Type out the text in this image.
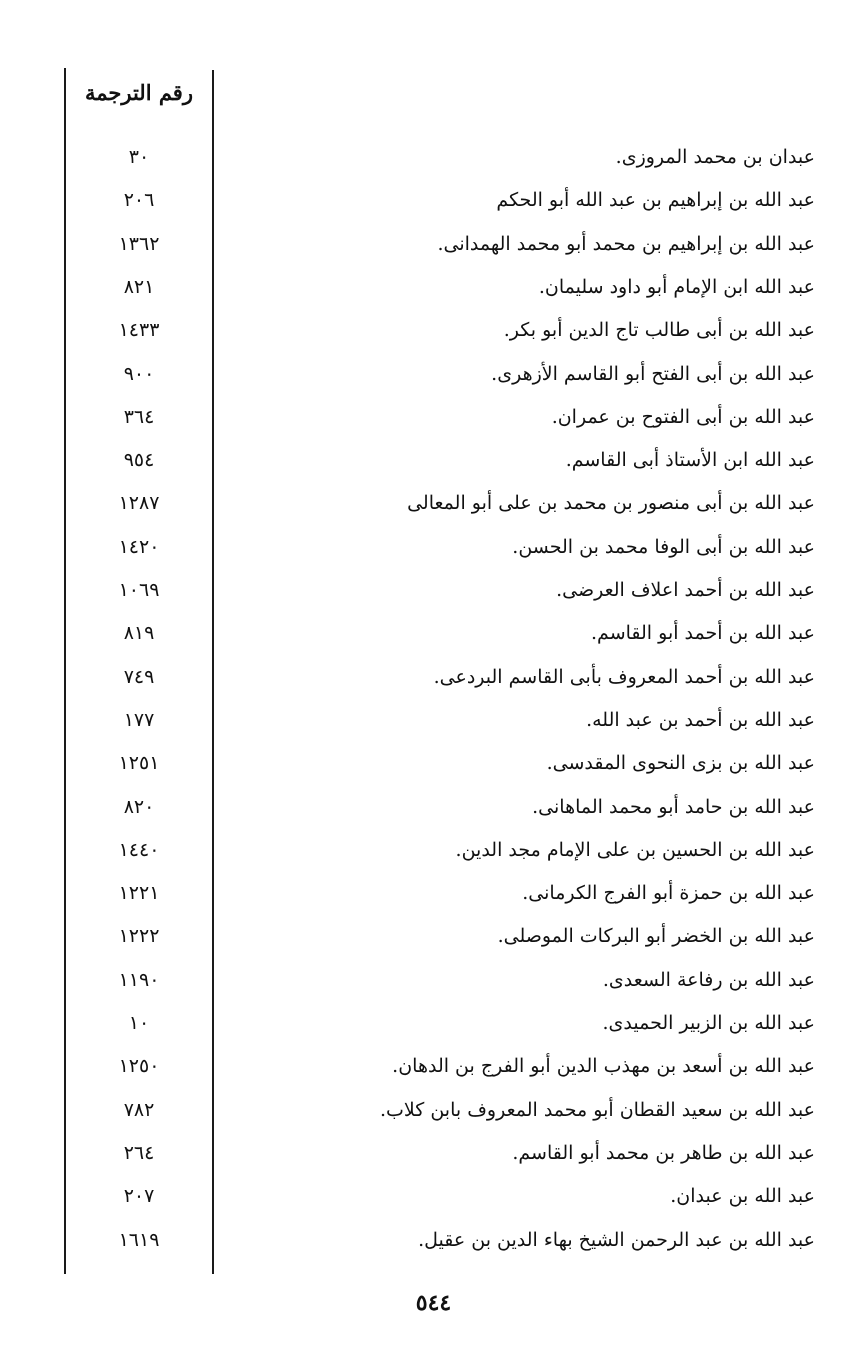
رقم الترجمة
عبدان بن محمد المروزى.
٣٠
عبد الله بن إبراهيم بن عبد الله أبو الحكم
٢٠٦
عبد الله بن إبراهيم بن محمد أبو محمد الهمدانى.
١٣٦٢
عبد الله ابن الإمام أبو داود سليمان.
٨٢١
عبد الله بن أبى طالب تاج الدين أبو بكر.
١٤٣٣
عبد الله بن أبى الفتح أبو القاسم الأزهرى.
٩٠٠
عبد الله بن أبى الفتوح بن عمران.
٣٦٤
عبد الله ابن الأستاذ أبى القاسم.
٩٥٤
عبد الله بن أبى منصور بن محمد بن على أبو المعالى
١٢٨٧
عبد الله بن أبى الوفا محمد بن الحسن.
١٤٢٠
عبد الله بن أحمد اعلاف العرضى.
١٠٦٩
عبد الله بن أحمد أبو القاسم.
٨١٩
عبد الله بن أحمد المعروف بأبى القاسم البردعى.
٧٤٩
عبد الله بن أحمد بن عبد الله.
١٧٧
عبد الله بن بزى النحوى المقدسى.
١٢٥١
عبد الله بن حامد أبو محمد الماهانى.
٨٢٠
عبد الله بن الحسين بن على الإمام مجد الدين.
١٤٤٠
عبد الله بن حمزة أبو الفرج الكرمانى.
١٢٢١
عبد الله بن الخضر أبو البركات الموصلى.
١٢٢٢
عبد الله بن رفاعة السعدى.
١١٩٠
عبد الله بن الزبير الحميدى.
١٠
عبد الله بن أسعد بن مهذب الدين أبو الفرج بن الدهان.
١٢٥٠
عبد الله بن سعيد القطان أبو محمد المعروف بابن كلاب.
٧٨٢
عبد الله بن طاهر بن محمد أبو القاسم.
٢٦٤
عبد الله بن عبدان.
٢٠٧
عبد الله بن عبد الرحمن الشيخ بهاء الدين بن عقيل.
١٦١٩
٥٤٤
